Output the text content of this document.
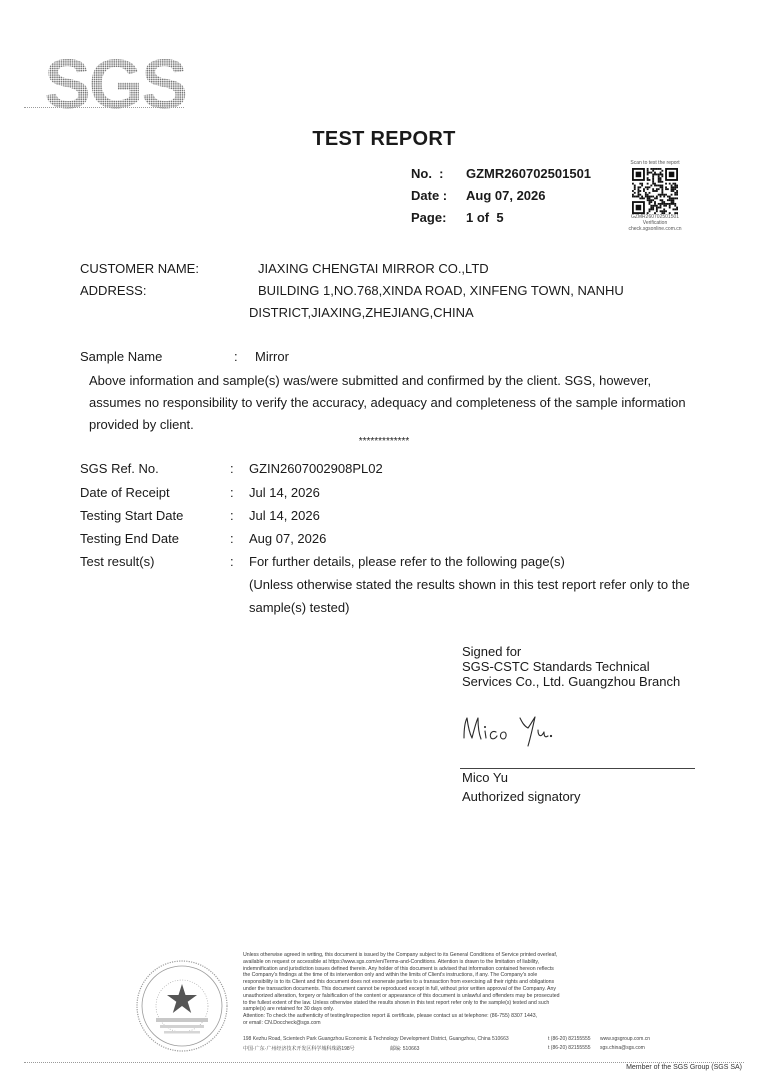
SGS
TEST REPORT
No.  : GZMR260702501501
Date : Aug 07, 2026
Page: 1 of  5
Scan to test the report
GZMR260702501501
Verification
check.sgsonline.com.cn
CUSTOMER NAME:	JIAXING CHENGTAI MIRROR CO.,LTD
ADDRESS:	BUILDING 1,NO.768,XINDA ROAD, XINFENG TOWN, NANHU
DISTRICT,JIAXING,ZHEJIANG,CHINA
Sample Name	: Mirror
Above information and sample(s) was/were submitted and confirmed by the client. SGS, however,
assumes no responsibility to verify the accuracy, adequacy and completeness of the sample information
provided by client.
*************
SGS Ref. No.	: GZIN2607002908PL02
Date of Receipt	: Jul 14, 2026
Testing Start Date	: Jul 14, 2026
Testing End Date	: Aug 07, 2026
Test result(s)	: For further details, please refer to the following page(s)
(Unless otherwise stated the results shown in this test report refer only to the
sample(s) tested)
Signed for
SGS-CSTC Standards Technical
Services Co., Ltd. Guangzhou Branch
Mico Yu
Authorized signatory
Unless otherwise agreed in writing, this document is issued by the Company subject to its General Conditions of Service printed overleaf,
available on request or accessible at https://www.sgs.com/en/Terms-and-Conditions. Attention is drawn to the limitation of liability,
indemnification and jurisdiction issues defined therein. Any holder of this document is advised that information contained hereon reflects
the Company's findings at the time of its intervention only and within the limits of Client's instructions, if any. The Company's sole
responsibility is to its Client and this document does not exonerate parties to a transaction from exercising all their rights and obligations
under the transaction documents. This document cannot be reproduced except in full, without prior written approval of the Company. Any
unauthorized alteration, forgery or falsification of the content or appearance of this document is unlawful and offenders may be prosecuted
to the fullest extent of the law. Unless otherwise stated the results shown in this test report refer only to the sample(s) tested and such
sample(s) are retained for 30 days only.
Attention: To check the authenticity of testing/inspection report & certificate, please contact us at telephone: (86-755) 8307 1443,
or email: CN.Doccheck@sgs.com
198 Kezhu Road, Scientech Park Guangzhou Economic & Technology Development District, Guangzhou, China 510663	t (86-20) 82155555 www.sgsgroup.com.cn
中国·广东·广州经济技术开发区科学城科珠路198号	邮编: 510663	t (86-20) 82155555 sgs.china@sgs.com
Member of the SGS Group (SGS SA)
